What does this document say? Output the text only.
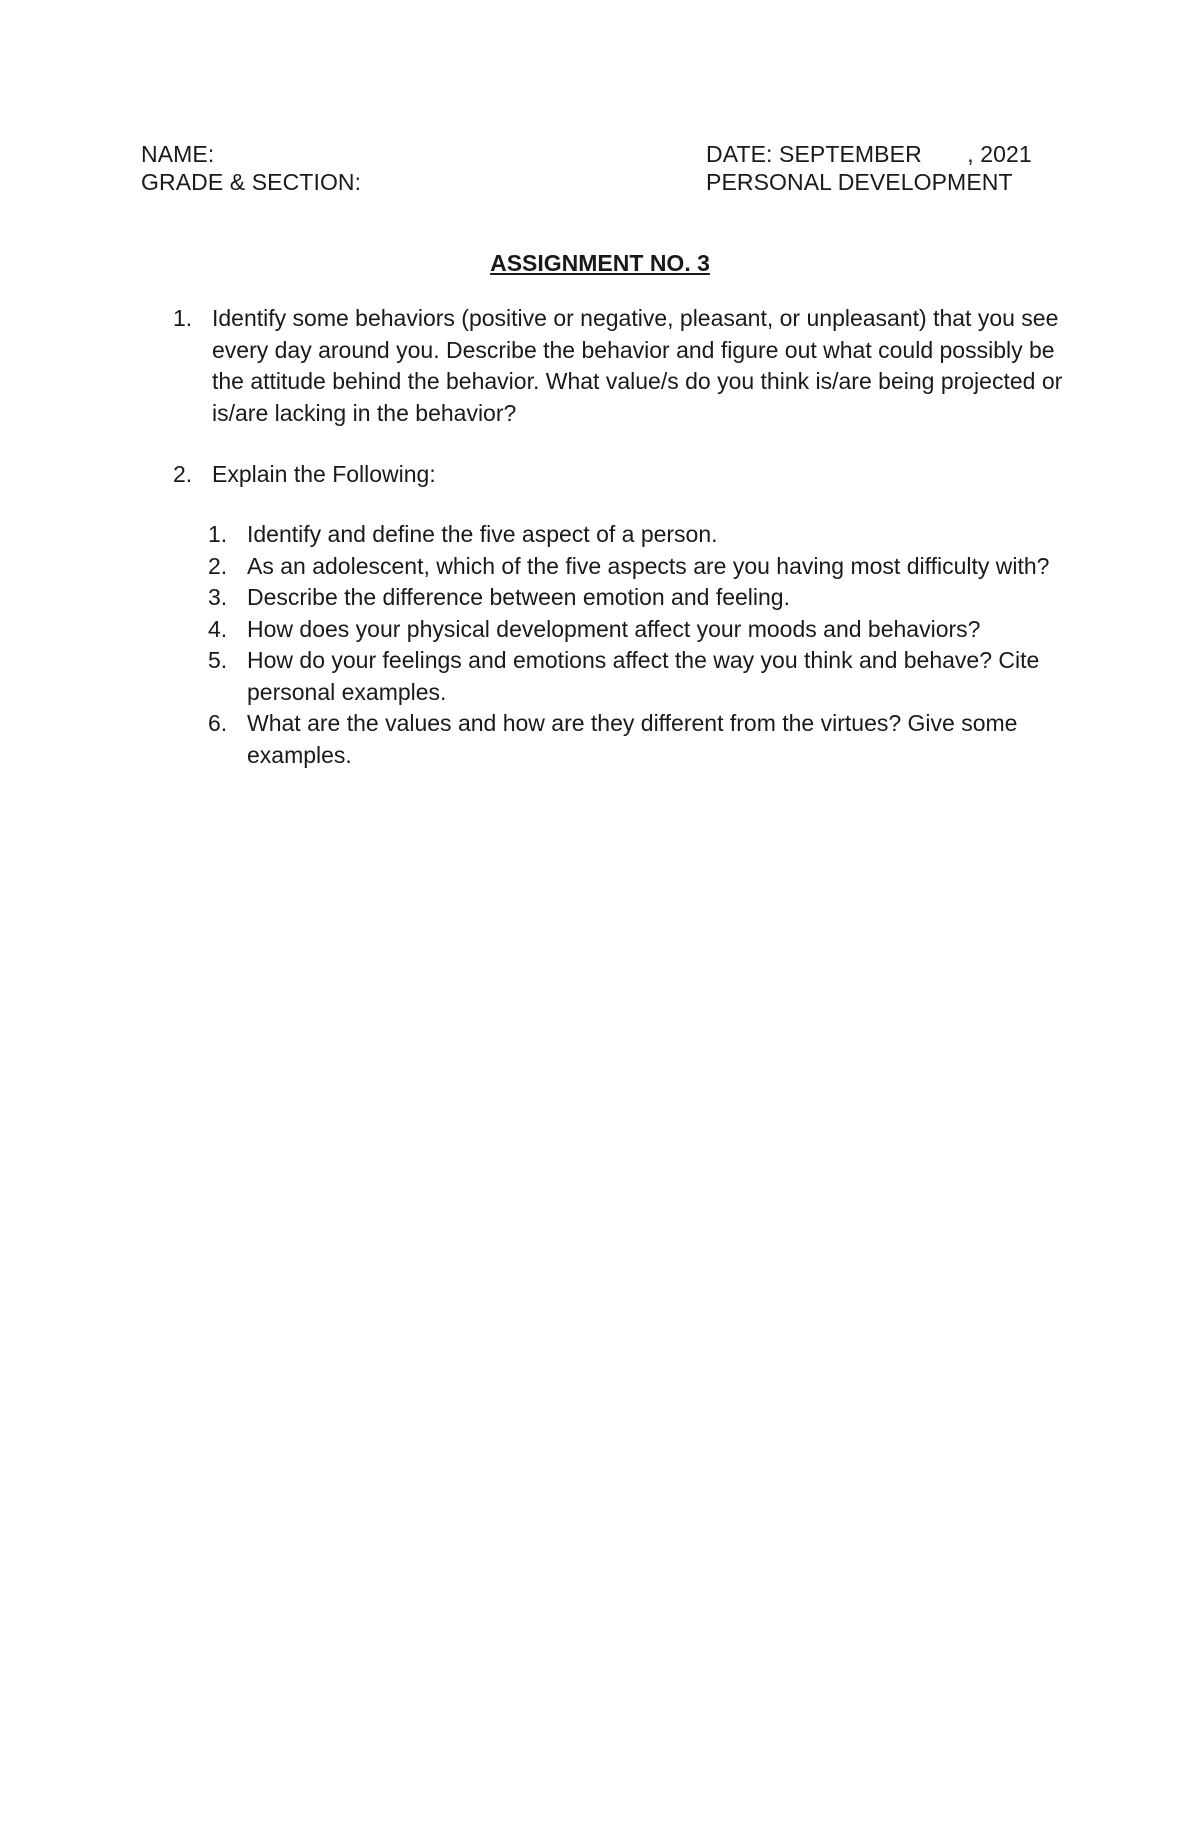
NAME:
GRADE & SECTION:
DATE: SEPTEMBER       , 2021
PERSONAL DEVELOPMENT
ASSIGNMENT NO. 3
1. Identify some behaviors (positive or negative, pleasant, or unpleasant) that you see every day around you. Describe the behavior and figure out what could possibly be the attitude behind the behavior. What value/s do you think is/are being projected or is/are lacking in the behavior?
2. Explain the Following:
1. Identify and define the five aspect of a person.
2. As an adolescent, which of the five aspects are you having most difficulty with?
3. Describe the difference between emotion and feeling.
4. How does your physical development affect your moods and behaviors?
5. How do your feelings and emotions affect the way you think and behave? Cite personal examples.
6. What are the values and how are they different from the virtues? Give some examples.
